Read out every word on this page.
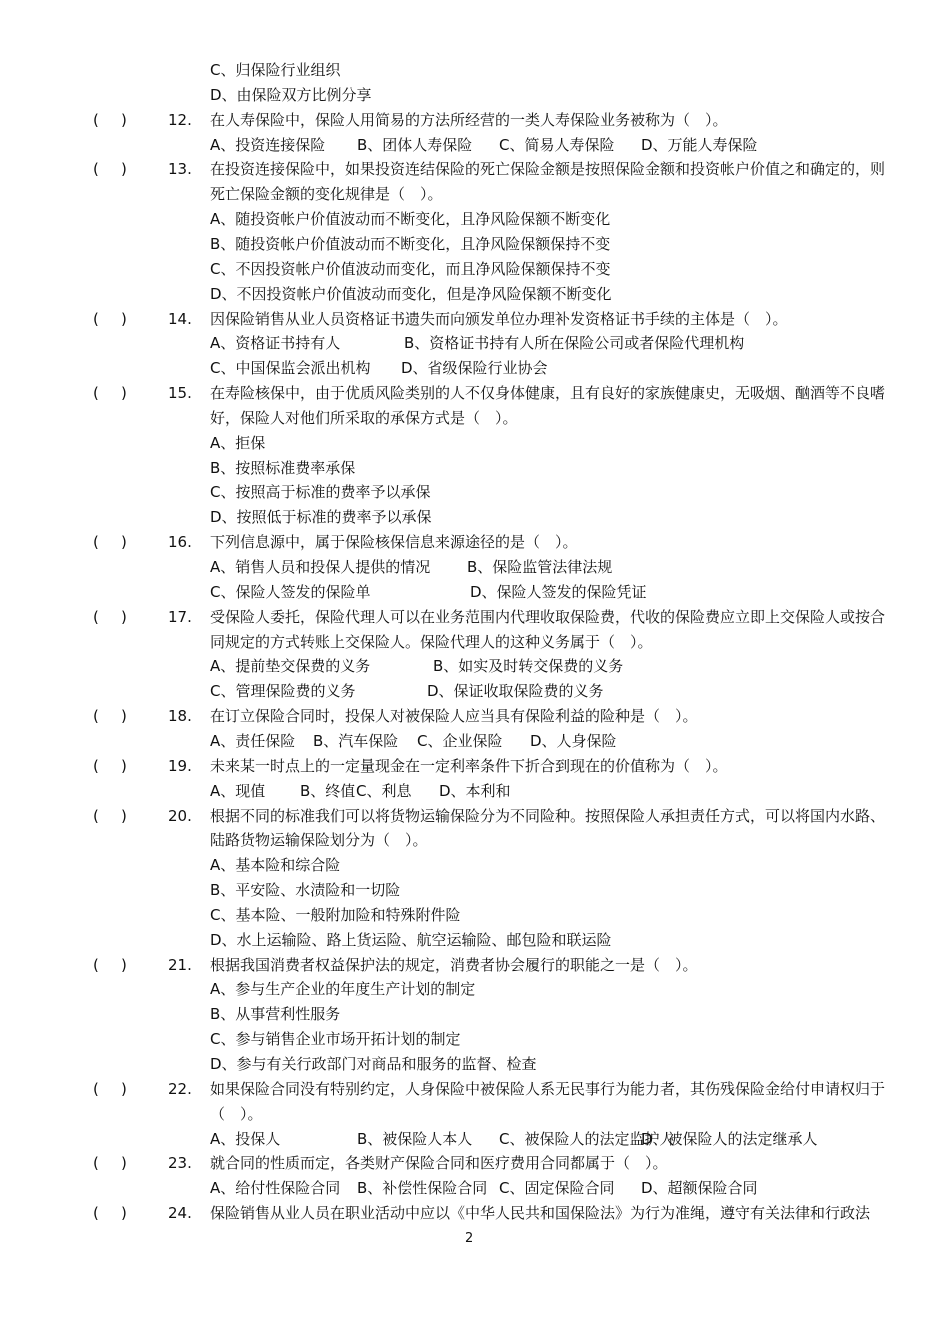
C、归保险行业组织
D、由保险双方比例分享
( )	12.	在人寿保险中，保险人用简易的方法所经营的一类人寿保险业务被称为（　）。
A、投资连接保险 B、团体人寿保险 C、简易人寿保险 D、万能人寿保险
( )	13.	在投资连接保险中，如果投资连结保险的死亡保险金额是按照保险金额和投资帐户价值之和确定的，则
死亡保险金额的变化规律是（　）。
A、随投资帐户价值波动而不断变化，且净风险保额不断变化
B、随投资帐户价值波动而不断变化，且净风险保额保持不变
C、不因投资帐户价值波动而变化，而且净风险保额保持不变
D、不因投资帐户价值波动而变化，但是净风险保额不断变化
( )	14.	因保险销售从业人员资格证书遗失而向颁发单位办理补发资格证书手续的主体是（　）。
A、资格证书持有人	B、资格证书持有人所在保险公司或者保险代理机构
C、中国保监会派出机构 D、省级保险行业协会
( )	15.	在寿险核保中，由于优质风险类别的人不仅身体健康，且有良好的家族健康史，无吸烟、酗酒等不良嗜
好，保险人对他们所采取的承保方式是（　）。
A、拒保
B、按照标准费率承保
C、按照高于标准的费率予以承保
D、按照低于标准的费率予以承保
( )	16.	下列信息源中，属于保险核保信息来源途径的是（　）。
A、销售人员和投保人提供的情况 B、保险监管法律法规
C、保险人签发的保险单	D、保险人签发的保险凭证
( )	17.	受保险人委托，保险代理人可以在业务范围内代理收取保险费，代收的保险费应立即上交保险人或按合
同规定的方式转账上交保险人。保险代理人的这种义务属于（　）。
A、提前垫交保费的义务	B、如实及时转交保费的义务
C、管理保险费的义务	D、保证收取保险费的义务
( )	18.	在订立保险合同时，投保人对被保险人应当具有保险利益的险种是（　）。
A、责任保险 B、汽车保险 C、企业保险 D、人身保险
( )	19.	未来某一时点上的一定量现金在一定利率条件下折合到现在的价值称为（　）。
A、现值 B、终值 C、利息 D、本利和
( )	20.	根据不同的标准我们可以将货物运输保险分为不同险种。按照保险人承担责任方式，可以将国内水路、
陆路货物运输保险划分为（　）。
A、基本险和综合险
B、平安险、水渍险和一切险
C、基本险、一般附加险和特殊附件险
D、水上运输险、路上货运险、航空运输险、邮包险和联运险
( )	21.	根据我国消费者权益保护法的规定，消费者协会履行的职能之一是（　）。
A、参与生产企业的年度生产计划的制定
B、从事营利性服务
C、参与销售企业市场开拓计划的制定
D、参与有关行政部门对商品和服务的监督、检查
( )	22.	如果保险合同没有特别约定，人身保险中被保险人系无民事行为能力者，其伤残保险金给付申请权归于
（　）。
A、投保人	B、被保险人本人 C、被保险人的法定监护人
D、被保险人的法定继承人
( )	23.	就合同的性质而定，各类财产保险合同和医疗费用合同都属于（　）。
A、给付性保险合同 B、补偿性保险合同 C、固定保险合同 D、超额保险合同
( )	24.	保险销售从业人员在职业活动中应以《中华人民共和国保险法》为行为准绳，遵守有关法律和行政法
2
